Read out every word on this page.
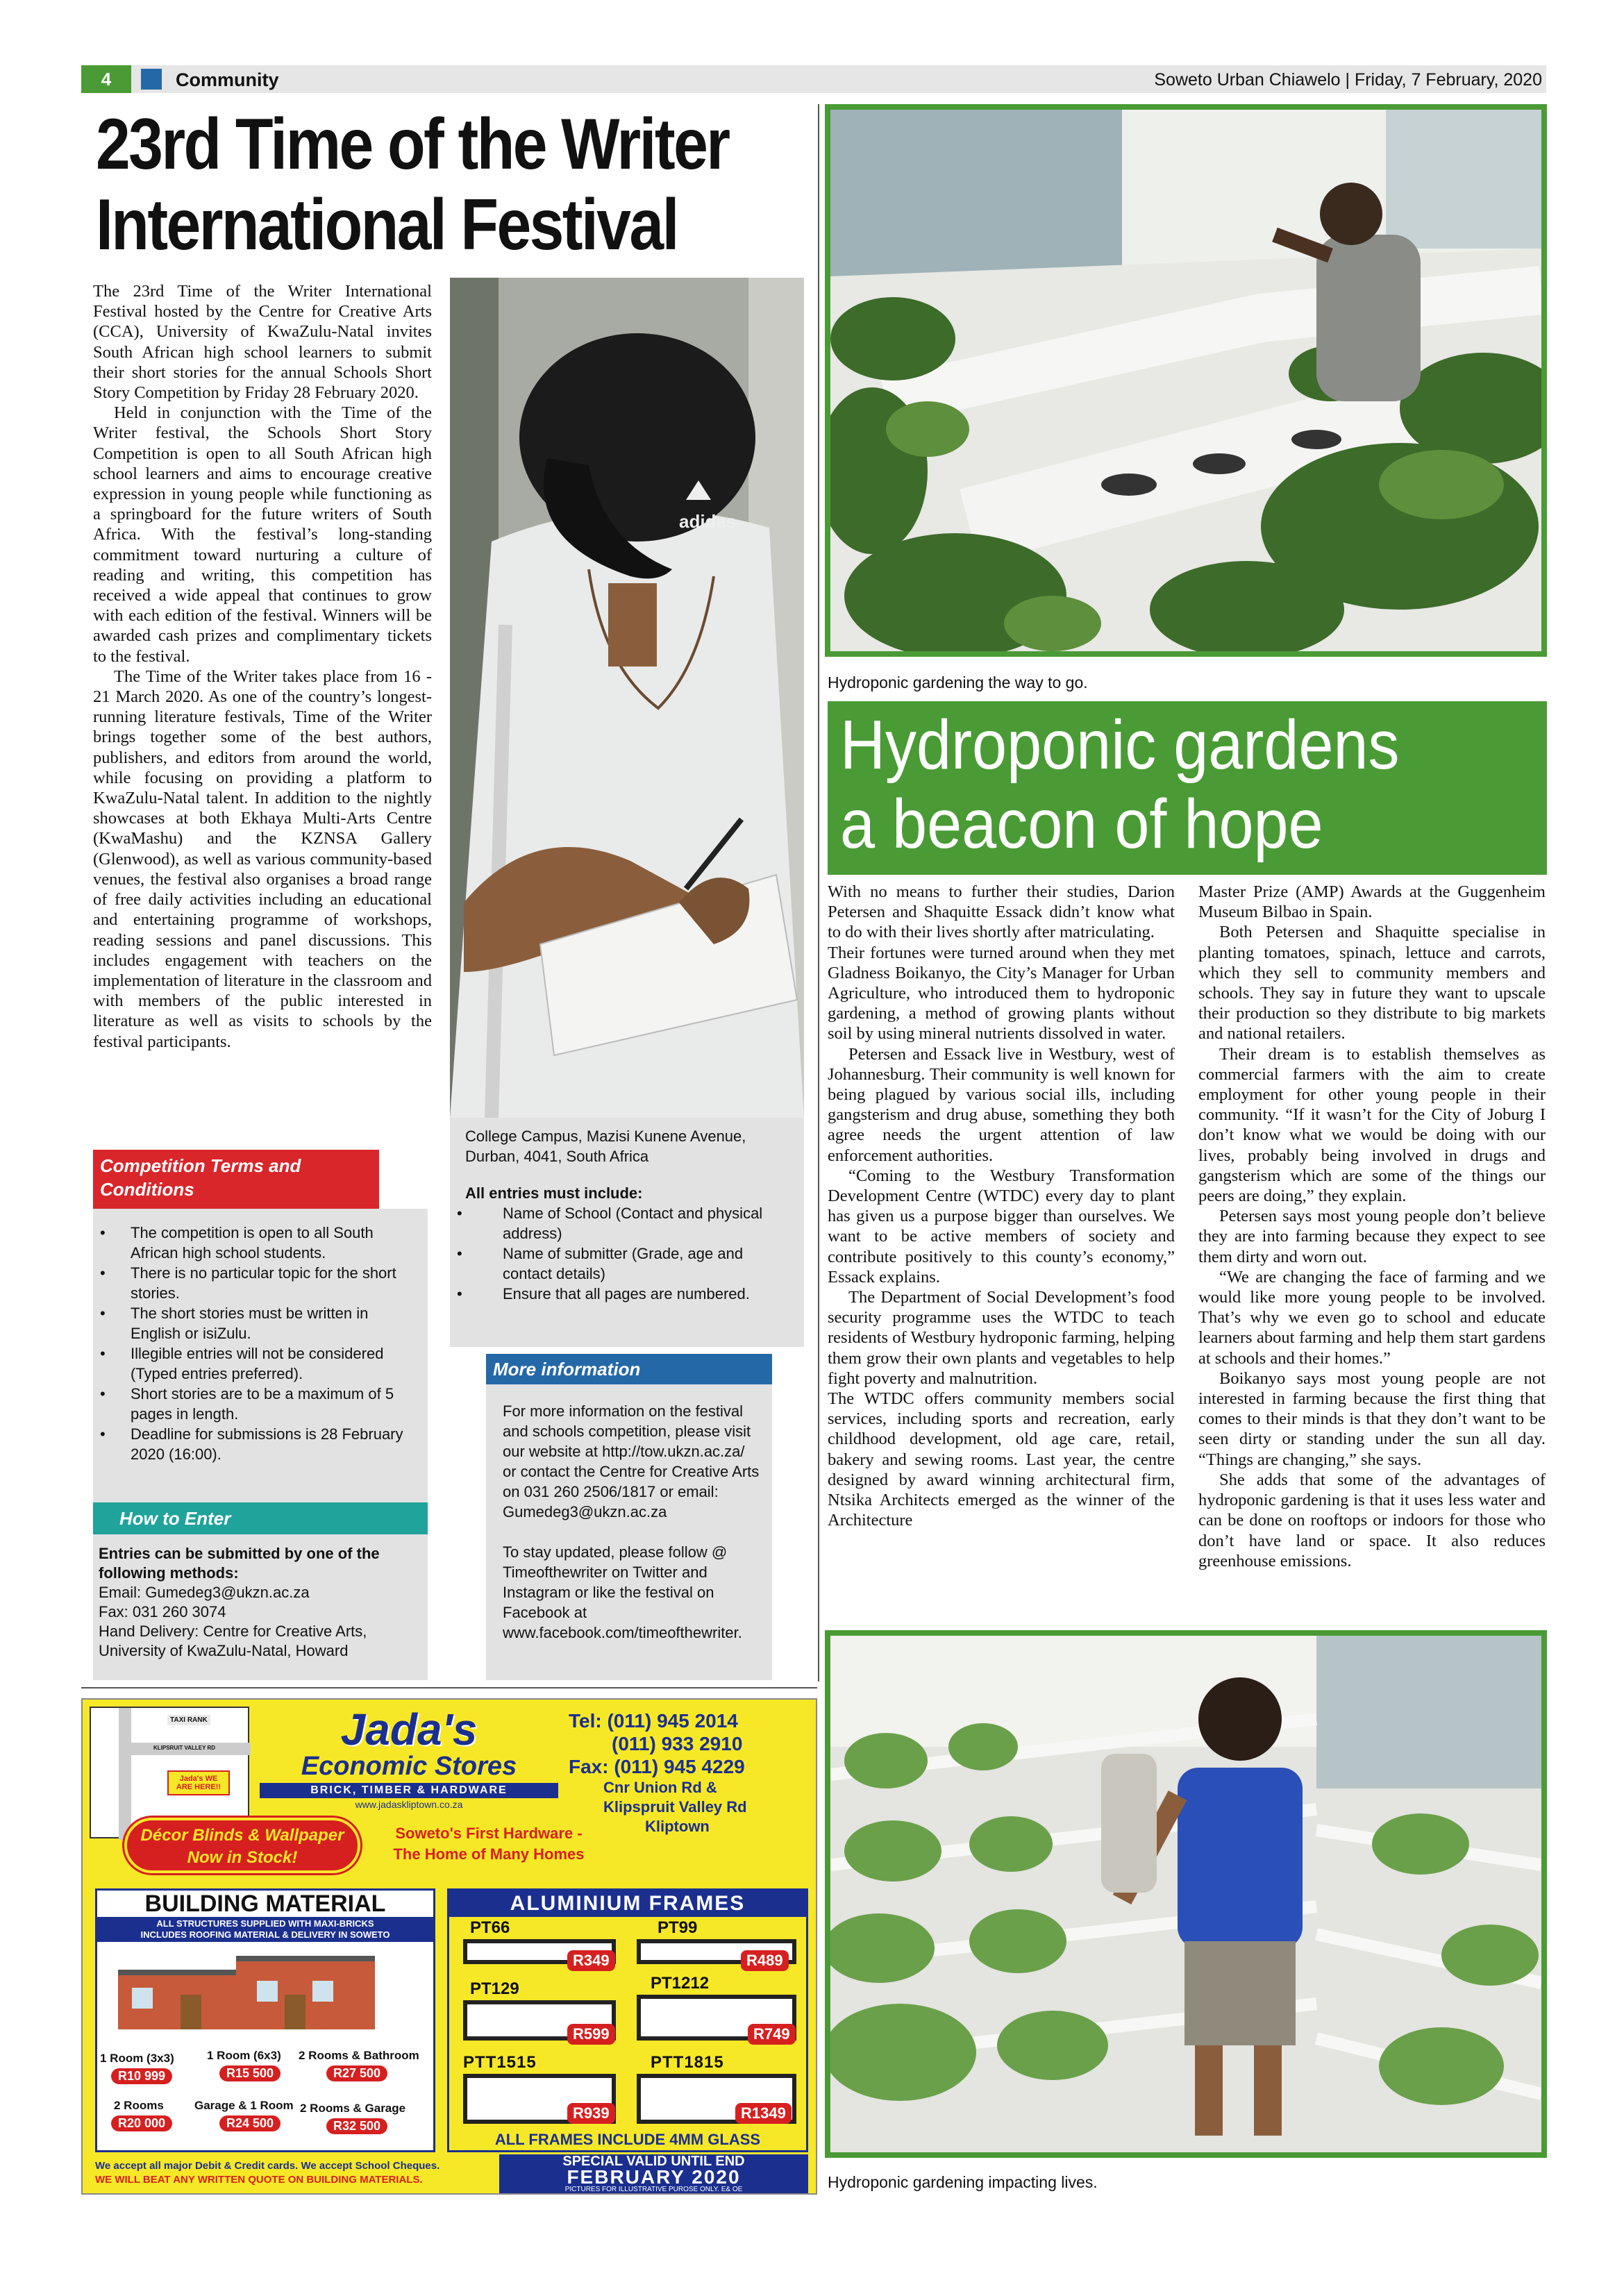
4	Community	Soweto Urban Chiawelo | Friday, 7 February, 2020
23rd Time of the Writer
International Festival

The 23rd Time of the Writer International Festival hosted by the Centre for Creative Arts (CCA), University of KwaZulu-Natal invites South African high school learners to submit their short stories for the annual Schools Short Story Competition by Friday 28 February 2020.

Held in conjunction with the Time of the Writer festival, the Schools Short Story Competition is open to all South African high school learners and aims to encourage creative expression in young people while functioning as a springboard for the future writers of South Africa. With the festival’s long-standing commitment toward nurturing a culture of reading and writing, this competition has received a wide appeal that continues to grow with each edition of the festival. Winners will be awarded cash prizes and complimentary tickets to the festival.

The Time of the Writer takes place from 16 - 21 March 2020. As one of the country’s longest-running literature festivals, Time of the Writer brings together some of the best authors, publishers, and editors from around the world, while focusing on providing a platform to KwaZulu-Natal talent. In addition to the nightly showcases at both Ekhaya Multi-Arts Centre (KwaMashu) and the KZNSA Gallery (Glenwood), as well as various community-based venues, the festival also organises a broad range of free daily activities including an educational and entertaining programme of workshops, reading sessions and panel discussions. This includes engagement with teachers on the implementation of literature in the classroom and with members of the public interested in literature as well as visits to schools by the festival participants.

adidas
Competition Terms and
Conditions
• The competition is open to all South African high school students.
• There is no particular topic for the short stories.
• The short stories must be written in English or isiZulu.
• Illegible entries will not be considered (Typed entries preferred).
• Short stories are to be a maximum of 5 pages in length.
• Deadline for submissions is 28 February 2020 (16:00).
How to Enter
Entries can be submitted by one of the following methods:
Email: Gumedeg3@ukzn.ac.za
Fax: 031 260 3074
Hand Delivery: Centre for Creative Arts, University of KwaZulu-Natal, Howard
College Campus, Mazisi Kunene Avenue, Durban, 4041, South Africa
All entries must include:
• Name of School (Contact and physical address)
• Name of submitter (Grade, age and contact details)
• Ensure that all pages are numbered.
More information
For more information on the festival and schools competition, please visit our website at http://tow.ukzn.ac.za/ or contact the Centre for Creative Arts on 031 260 2506/1817 or email: Gumedeg3@ukzn.ac.za
To stay updated, please follow @ Timeofthewriter on Twitter and Instagram or like the festival on Facebook at www.facebook.com/timeofthewriter.
Hydroponic gardening the way to go.
Hydroponic gardens
a beacon of hope

With no means to further their studies, Darion Petersen and Shaquitte Essack didn’t know what to do with their lives shortly after matriculating.

Their fortunes were turned around when they met Gladness Boikanyo, the City’s Manager for Urban Agriculture, who introduced them to hydroponic gardening, a method of growing plants without soil by using mineral nutrients dissolved in water.

Petersen and Essack live in Westbury, west of Johannesburg. Their community is well known for being plagued by various social ills, including gangsterism and drug abuse, something they both agree needs the urgent attention of law enforcement authorities.

“Coming to the Westbury Transformation Development Centre (WTDC) every day to plant has given us a purpose bigger than ourselves. We want to be active members of society and contribute positively to this county’s economy,” Essack explains.

The Department of Social Development’s food security programme uses the WTDC to teach residents of Westbury hydroponic farming, helping them grow their own plants and vegetables to help fight poverty and malnutrition.

The WTDC offers community members social services, including sports and recreation, early childhood development, old age care, retail, bakery and sewing rooms. Last year, the centre designed by award winning architectural firm, Ntsika Architects emerged as the winner of the Architecture

Master Prize (AMP) Awards at the Guggenheim Museum Bilbao in Spain.

Both Petersen and Shaquitte specialise in planting tomatoes, spinach, lettuce and carrots, which they sell to community members and schools. They say in future they want to upscale their production so they distribute to big markets and national retailers.

Their dream is to establish themselves as commercial farmers with the aim to create employment for other young people in their community. “If it wasn’t for the City of Joburg I don’t know what we would be doing with our lives, probably being involved in drugs and gangsterism which are some of the things our peers are doing,” they explain.

Petersen says most young people don’t believe they are into farming because they expect to see them dirty and worn out.

“We are changing the face of farming and we would like more young people to be involved. That’s why we even go to school and educate learners about farming and help them start gardens at schools and their homes.”

Boikanyo says most young people are not interested in farming because the first thing that comes to their minds is that they don’t want to be seen dirty or standing under the sun all day. “Things are changing,” she says.

She adds that some of the advantages of hydroponic gardening is that it uses less water and can be done on rooftops or indoors for those who don’t have land or space. It also reduces greenhouse emissions.

Hydroponic gardening impacting lives.
TAXI RANK
KLIPSRUIT VALLEY RD
Jada's WE ARE HERE!!
Jada's
Economic Stores
BRICK, TIMBER & HARDWARE
www.jadaskliptown.co.za
Tel: (011) 945 2014
(011) 933 2910
Fax: (011) 945 4229
Cnr Union Rd &
Klipspruit Valley Rd
Kliptown
Décor Blinds & Wallpaper
Now in Stock!
Soweto's First Hardware -
The Home of Many Homes
BUILDING MATERIAL
ALL STRUCTURES SUPPLIED WITH MAXI-BRICKS INCLUDES ROOFING MATERIAL & DELIVERY IN SOWETO
1 Room (3x3)
R10 999
1 Room (6x3)
R15 500
2 Rooms & Bathroom
R27 500
2 Rooms
R20 000
Garage & 1 Room
R24 500
2 Rooms & Garage
R32 500
ALUMINIUM FRAMES
PT66
R349
PT99
R489
PT129
R599
PT1212
R749
PTT1515
R939
PTT1815
R1349
ALL FRAMES INCLUDE 4MM GLASS
We accept all major Debit & Credit cards. We accept School Cheques.
WE WILL BEAT ANY WRITTEN QUOTE ON BUILDING MATERIALS.
SPECIAL VALID UNTIL END
FEBRUARY 2020
PICTURES FOR ILLUSTRATIVE PUROSE ONLY. E& OE
